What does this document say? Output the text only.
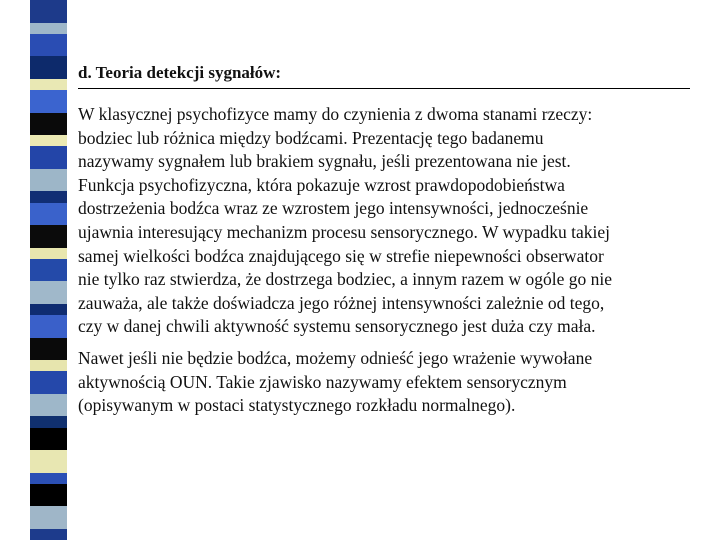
d. Teoria detekcji sygnałów:

W klasycznej psychofizyce mamy do czynienia z dwoma stanami rzeczy:
bodziec lub różnica między bodźcami. Prezentację tego badanemu
nazywamy sygnałem lub brakiem sygnału, jeśli prezentowana nie jest.
Funkcja psychofizyczna, która pokazuje wzrost prawdopodobieństwa
dostrzeżenia bodźca wraz ze wzrostem jego intensywności, jednocześnie
ujawnia interesujący mechanizm procesu sensorycznego. W wypadku takiej
samej wielkości bodźca znajdującego się w strefie niepewności obserwator
nie tylko raz stwierdza, że dostrzega bodziec, a innym razem w ogóle go nie
zauważa, ale także doświadcza jego różnej intensywności zależnie od tego,
czy w danej chwili aktywność systemu sensorycznego jest duża czy mała.

Nawet jeśli nie będzie bodźca, możemy odnieść jego wrażenie wywołane
aktywnością OUN. Takie zjawisko nazywamy efektem sensorycznym
(opisywanym w postaci statystycznego rozkładu normalnego).
